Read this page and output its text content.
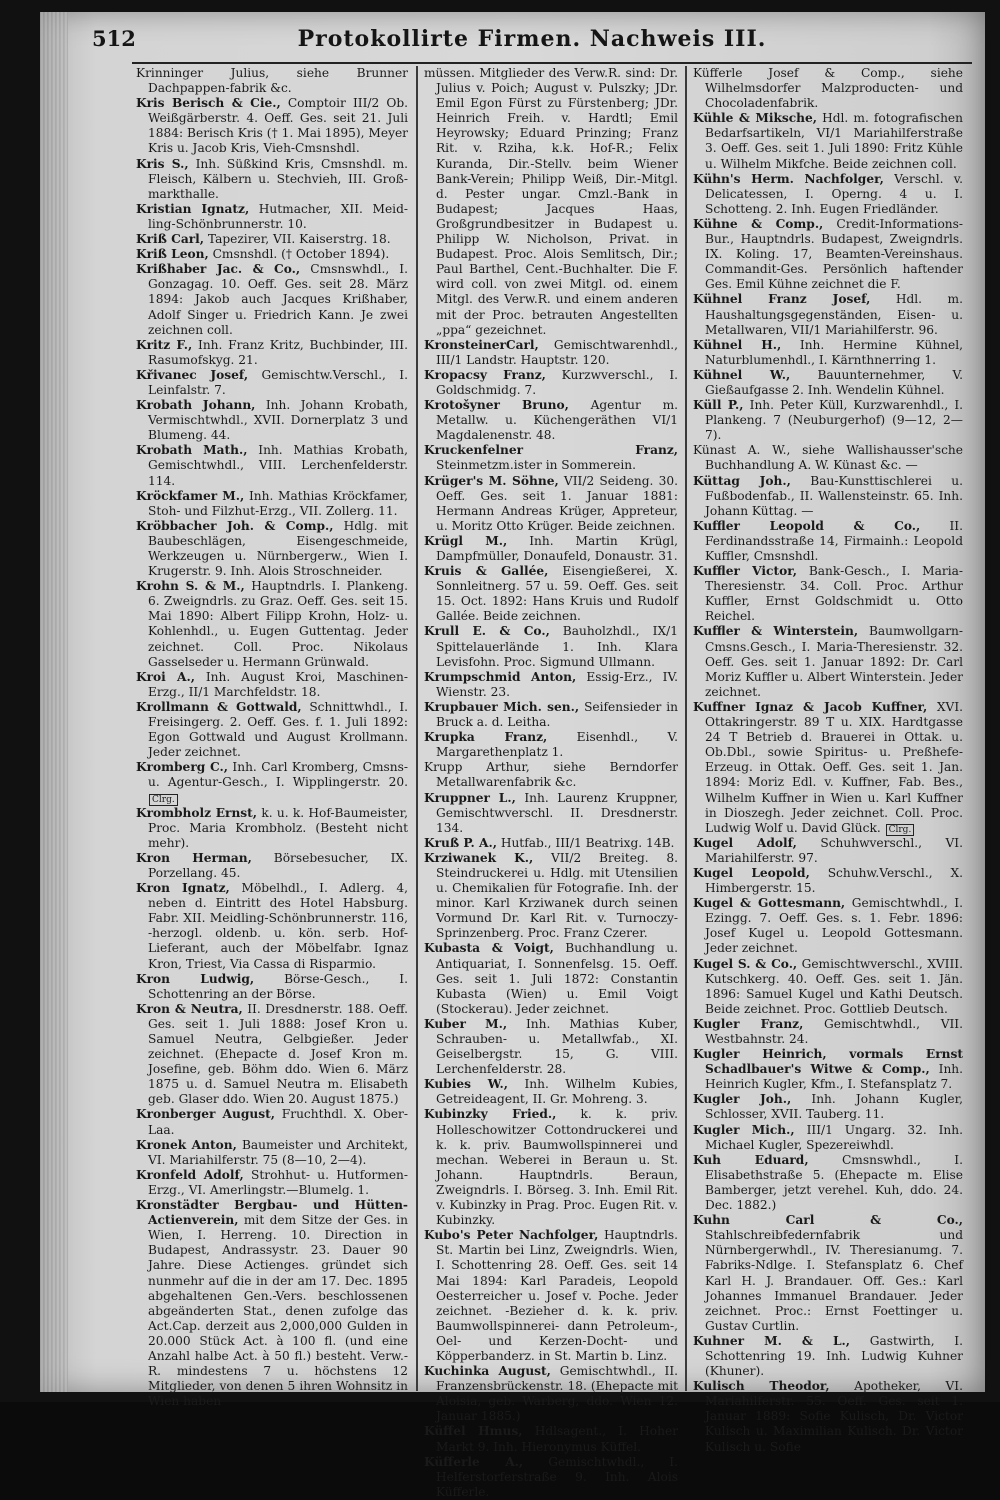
512	Protokollirte Firmen. Nachweis III.

Krinninger Julius, siehe Brunner Dachpappen-fabrik &c.

Kris Berisch & Cie., Comptoir III/2 Ob. Weißgärberstr. 4. Oeff. Ges. seit 21. Juli 1884: Berisch Kris († 1. Mai 1895), Meyer Kris u. Jacob Kris, Vieh-Cmsnshdl.

Kris S., Inh. Süßkind Kris, Cmsnshdl. m. Fleisch, Kälbern u. Stechvieh, III. Groß-markthalle.

Kristian Ignatz, Hutmacher, XII. Meid-ling-Schönbrunnerstr. 10.

Kriß Carl, Tapezirer, VII. Kaiserstrg. 18.

Kriß Leon, Cmsnshdl. († October 1894).

Krißhaber Jac. & Co., Cmsnswhdl., I. Gonzagag. 10. Oeff. Ges. seit 28. März 1894: Jakob auch Jacques Krißhaber, Adolf Singer u. Friedrich Kann. Je zwei zeichnen coll.

Kritz F., Inh. Franz Kritz, Buchbinder, III. Rasumofskyg. 21.

Křivanec Josef, Gemischtw.Verschl., I. Leinfalstr. 7.

Krobath Johann, Inh. Johann Krobath, Vermischtwhdl., XVII. Dornerplatz 3 und Blumeng. 44.

Krobath Math., Inh. Mathias Krobath, Gemischtwhdl., VIII. Lerchenfelderstr. 114.

Kröckfamer M., Inh. Mathias Kröckfamer, Stoh- und Filzhut-Erzg., VII. Zollerg. 11.

Kröbbacher Joh. & Comp., Hdlg. mit Baubeschlägen, Eisengeschmeide, Werkzeugen u. Nürnbergerw., Wien I. Krugerstr. 9. Inh. Alois Stroschneider.

Krohn S. & M., Hauptndrls. I. Plankeng. 6. Zweigndrls. zu Graz. Oeff. Ges. seit 15. Mai 1890: Albert Filipp Krohn, Holz- u. Kohlenhdl., u. Eugen Guttentag. Jeder zeichnet. Coll. Proc. Nikolaus Gasselseder u. Hermann Grünwald.

Kroi A., Inh. August Kroi, Maschinen-Erzg., II/1 Marchfeldstr. 18.

Krollmann & Gottwald, Schnittwhdl., I. Freisingerg. 2. Oeff. Ges. f. 1. Juli 1892: Egon Gottwald und August Krollmann. Jeder zeichnet.

Kromberg C., Inh. Carl Kromberg, Cmsns-u. Agentur-Gesch., I. Wipplingerstr. 20. Clrg.

Krombholz Ernst, k. u. k. Hof-Baumeister, Proc. Maria Krombholz. (Besteht nicht mehr).

Kron Herman, Börsebesucher, IX. Porzellang. 45.

Kron Ignatz, Möbelhdl., I. Adlerg. 4, neben d. Eintritt des Hotel Habsburg. Fabr. XII. Meidling-Schönbrunnerstr. 116, -herzogl. oldenb. u. kön. serb. Hof-Lieferant, auch der Möbelfabr. Ignaz Kron, Triest, Via Cassa di Risparmio.

Kron Ludwig, Börse-Gesch., I. Schottenring an der Börse.

Kron & Neutra, II. Dresdnerstr. 188. Oeff. Ges. seit 1. Juli 1888: Josef Kron u. Samuel Neutra, Gelbgießer. Jeder zeichnet. (Ehepacte d. Josef Kron m. Josefine, geb. Böhm ddo. Wien 6. März 1875 u. d. Samuel Neutra m. Elisabeth geb. Glaser ddo. Wien 20. August 1875.)

Kronberger August, Fruchthdl. X. Ober-Laa.

Kronek Anton, Baumeister und Architekt, VI. Mariahilferstr. 75 (8—10, 2—4).

Kronfeld Adolf, Strohhut- u. Hutformen-Erzg., VI. Amerlingstr.—Blumelg. 1.

Kronstädter Bergbau- und Hütten-Actienverein, mit dem Sitze der Ges. in Wien, I. Herreng. 10. Direction in Budapest, Andrassystr. 23. Dauer 90 Jahre. Diese Actienges. gründet sich nunmehr auf die in der am 17. Dec. 1895 abgehaltenen Gen.-Vers. beschlossenen abgeänderten Stat., denen zufolge das Act.Cap. derzeit aus 2,000,000 Gulden in 20.000 Stück Act. à 100 fl. (und eine Anzahl halbe Act. à 50 fl.) besteht. Verw.-R. mindestens 7 u. höchstens 12 Mitglieder, von denen 5 ihren Wohnsitz in Wien haben

müssen. Mitglieder des Verw.R. sind: Dr. Julius v. Poich; August v. Pulszky; JDr. Emil Egon Fürst zu Fürstenberg; JDr. Heinrich Freih. v. Hardtl; Emil Heyrowsky; Eduard Prinzing; Franz Rit. v. Rziha, k.k. Hof-R.; Felix Kuranda, Dir.-Stellv. beim Wiener Bank-Verein; Philipp Weiß, Dir.-Mitgl. d. Pester ungar. Cmzl.-Bank in Budapest; Jacques Haas, Großgrundbesitzer in Budapest u. Philipp W. Nicholson, Privat. in Budapest. Proc. Alois Semlitsch, Dir.; Paul Barthel, Cent.-Buchhalter. Die F. wird coll. von zwei Mitgl. od. einem Mitgl. des Verw.R. und einem anderen mit der Proc. betrauten Angestellten „ppa“ gezeichnet.

KronsteinerCarl, Gemischtwarenhdl., III/1 Landstr. Hauptstr. 120.

Kropacsy Franz, Kurzwverschl., I. Goldschmidg. 7.

Krotošyner Bruno, Agentur m. Metallw. u. Küchengeräthen VI/1 Magdalenenstr. 48.

Kruckenfelner Franz, Steinmetzm.ister in Sommerein.

Krüger's M. Söhne, VII/2 Seideng. 30. Oeff. Ges. seit 1. Januar 1881: Hermann Andreas Krüger, Appreteur, u. Moritz Otto Krüger. Beide zeichnen.

Krügl M., Inh. Martin Krügl, Dampfmüller, Donaufeld, Donaustr. 31.

Kruis & Gallée, Eisengießerei, X. Sonnleitnerg. 57 u. 59. Oeff. Ges. seit 15. Oct. 1892: Hans Kruis und Rudolf Gallée. Beide zeichnen.

Krull E. & Co., Bauholzhdl., IX/1 Spittelauerlände 1. Inh. Klara Levisfohn. Proc. Sigmund Ullmann.

Krumpschmid Anton, Essig-Erz., IV. Wienstr. 23.

Krupbauer Mich. sen., Seifensieder in Bruck a. d. Leitha.

Krupka Franz, Eisenhdl., V. Margarethenplatz 1.

Krupp Arthur, siehe Berndorfer Metallwarenfabrik &c.

Kruppner L., Inh. Laurenz Kruppner, Gemischtwverschl. II. Dresdnerstr. 134.

Kruß P. A., Hutfab., III/1 Beatrixg. 14B.

Krziwanek K., VII/2 Breiteg. 8. Steindruckerei u. Hdlg. mit Utensilien u. Chemikalien für Fotografie. Inh. der minor. Karl Krziwanek durch seinen Vormund Dr. Karl Rit. v. Turnoczy-Sprinzenberg. Proc. Franz Czerer.

Kubasta & Voigt, Buchhandlung u. Antiquariat, I. Sonnenfelsg. 15. Oeff. Ges. seit 1. Juli 1872: Constantin Kubasta (Wien) u. Emil Voigt (Stockerau). Jeder zeichnet.

Kuber M., Inh. Mathias Kuber, Schrauben- u. Metallwfab., XI. Geiselbergstr. 15, G. VIII. Lerchenfelderstr. 28.

Kubies W., Inh. Wilhelm Kubies, Getreideagent, II. Gr. Mohreng. 3.

Kubinzky Fried., k. k. priv. Holleschowitzer Cottondruckerei und k. k. priv. Baumwollspinnerei und mechan. Weberei in Beraun u. St. Johann. Hauptndrls. Beraun, Zweigndrls. I. Börseg. 3. Inh. Emil Rit. v. Kubinzky in Prag. Proc. Eugen Rit. v. Kubinzky.

Kubo's Peter Nachfolger, Hauptndrls. St. Martin bei Linz, Zweigndrls. Wien, I. Schottenring 28. Oeff. Ges. seit 14 Mai 1894: Karl Paradeis, Leopold Oesterreicher u. Josef v. Poche. Jeder zeichnet. -Bezieher d. k. k. priv. Baumwollspinnerei- dann Petroleum-, Oel- und Kerzen-Docht- und Köpperbanderz. in St. Martin b. Linz.

Kuchinka August, Gemischtwhdl., II. Franzensbrückenstr. 18. (Ehepacte mit Aloisia, geb. Warberg, ddo. Wien 12. Januar 1885.)

Küffel Hmus, Hdlsagent., I. Hoher Markt 9. Inh. Hieronymus Küffel.

Küfferle A., Gemischtwhdl., I. Helferstorferstraße 9. Inh. Alois Küfferle.

Küfferle Josef & Comp., siehe Wilhelmsdorfer Malzproducten- und Chocoladenfabrik.

Kühle & Miksche, Hdl. m. fotografischen Bedarfsartikeln, VI/1 Mariahilferstraße 3. Oeff. Ges. seit 1. Juli 1890: Fritz Kühle u. Wilhelm Mikfche. Beide zeichnen coll.

Kühn's Herm. Nachfolger, Verschl. v. Delicatessen, I. Operng. 4 u. I. Schotteng. 2. Inh. Eugen Friedländer.

Kühne & Comp., Credit-Informations-Bur., Hauptndrls. Budapest, Zweigndrls. IX. Koling. 17, Beamten-Vereinshaus. Commandit-Ges. Persönlich haftender Ges. Emil Kühne zeichnet die F.

Kühnel Franz Josef, Hdl. m. Haushaltungsgegenständen, Eisen- u. Metallwaren, VII/1 Mariahilferstr. 96.

Kühnel H., Inh. Hermine Kühnel, Naturblumenhdl., I. Kärnthnerring 1.

Kühnel W., Bauunternehmer, V. Gießaufgasse 2. Inh. Wendelin Kühnel.

Küll P., Inh. Peter Küll, Kurzwarenhdl., I. Plankeng. 7 (Neuburgerhof) (9—12, 2—7).

Künast A. W., siehe Wallishausser'sche Buchhandlung A. W. Künast &c. —

Küttag Joh., Bau-Kunsttischlerei u. Fußbodenfab., II. Wallensteinstr. 65. Inh. Johann Küttag. —

Kuffler Leopold & Co., II. Ferdinandsstraße 14, Firmainh.: Leopold Kuffler, Cmsnshdl.

Kuffler Victor, Bank-Gesch., I. Maria-Theresienstr. 34. Coll. Proc. Arthur Kuffler, Ernst Goldschmidt u. Otto Reichel.

Kuffler & Winterstein, Baumwollgarn-Cmsns.Gesch., I. Maria-Theresienstr. 32. Oeff. Ges. seit 1. Januar 1892: Dr. Carl Moriz Kuffler u. Albert Winterstein. Jeder zeichnet.

Kuffner Ignaz & Jacob Kuffner, XVI. Ottakringerstr. 89 T u. XIX. Hardtgasse 24 T Betrieb d. Brauerei in Ottak. u. Ob.Dbl., sowie Spiritus- u. Preßhefe-Erzeug. in Ottak. Oeff. Ges. seit 1. Jan. 1894: Moriz Edl. v. Kuffner, Fab. Bes., Wilhelm Kuffner in Wien u. Karl Kuffner in Dioszegh. Jeder zeichnet. Coll. Proc. Ludwig Wolf u. David Glück. Clrg.

Kugel Adolf, Schuhwverschl., VI. Mariahilferstr. 97.

Kugel Leopold, Schuhw.Verschl., X. Himbergerstr. 15.

Kugel & Gottesmann, Gemischtwhdl., I. Ezingg. 7. Oeff. Ges. s. 1. Febr. 1896: Josef Kugel u. Leopold Gottesmann. Jeder zeichnet.

Kugel S. & Co., Gemischtwverschl., XVIII. Kutschkerg. 40. Oeff. Ges. seit 1. Jän. 1896: Samuel Kugel und Kathi Deutsch. Beide zeichnet. Proc. Gottlieb Deutsch.

Kugler Franz, Gemischtwhdl., VII. Westbahnstr. 24.

Kugler Heinrich, vormals Ernst Schadlbauer's Witwe & Comp., Inh. Heinrich Kugler, Kfm., I. Stefansplatz 7.

Kugler Joh., Inh. Johann Kugler, Schlosser, XVII. Tauberg. 11.

Kugler Mich., III/1 Ungarg. 32. Inh. Michael Kugler, Spezereiwhdl.

Kuh Eduard,	Cmsnswhdl., I. Elisabethstraße 5. (Ehepacte m. Elise Bamberger, jetzt verehel. Kuh, ddo. 24. Dec. 1882.)

Kuhn Carl & Co., Stahlschreibfedernfabrik und Nürnbergerwhdl., IV. Theresianumg. 7. Fabriks-Ndlge. I. Stefansplatz 6. Chef Karl H. J. Brandauer. Off. Ges.: Karl Johannes Immanuel Brandauer. Jeder zeichnet. Proc.: Ernst Foettinger u. Gustav Curtlin.

Kuhner M. & L., Gastwirth, I. Schottenring 19. Inh. Ludwig Kuhner (Khuner).

Kulisch Theodor, Apotheker, VI. Mariahilferstr. 55. Oeff. Ges. seit 1. Januar 1889: Sofie Kulisch, Dr. Victor Kulisch u. Maximilian Kulisch. Dr. Victor Kulisch u. Sofie
